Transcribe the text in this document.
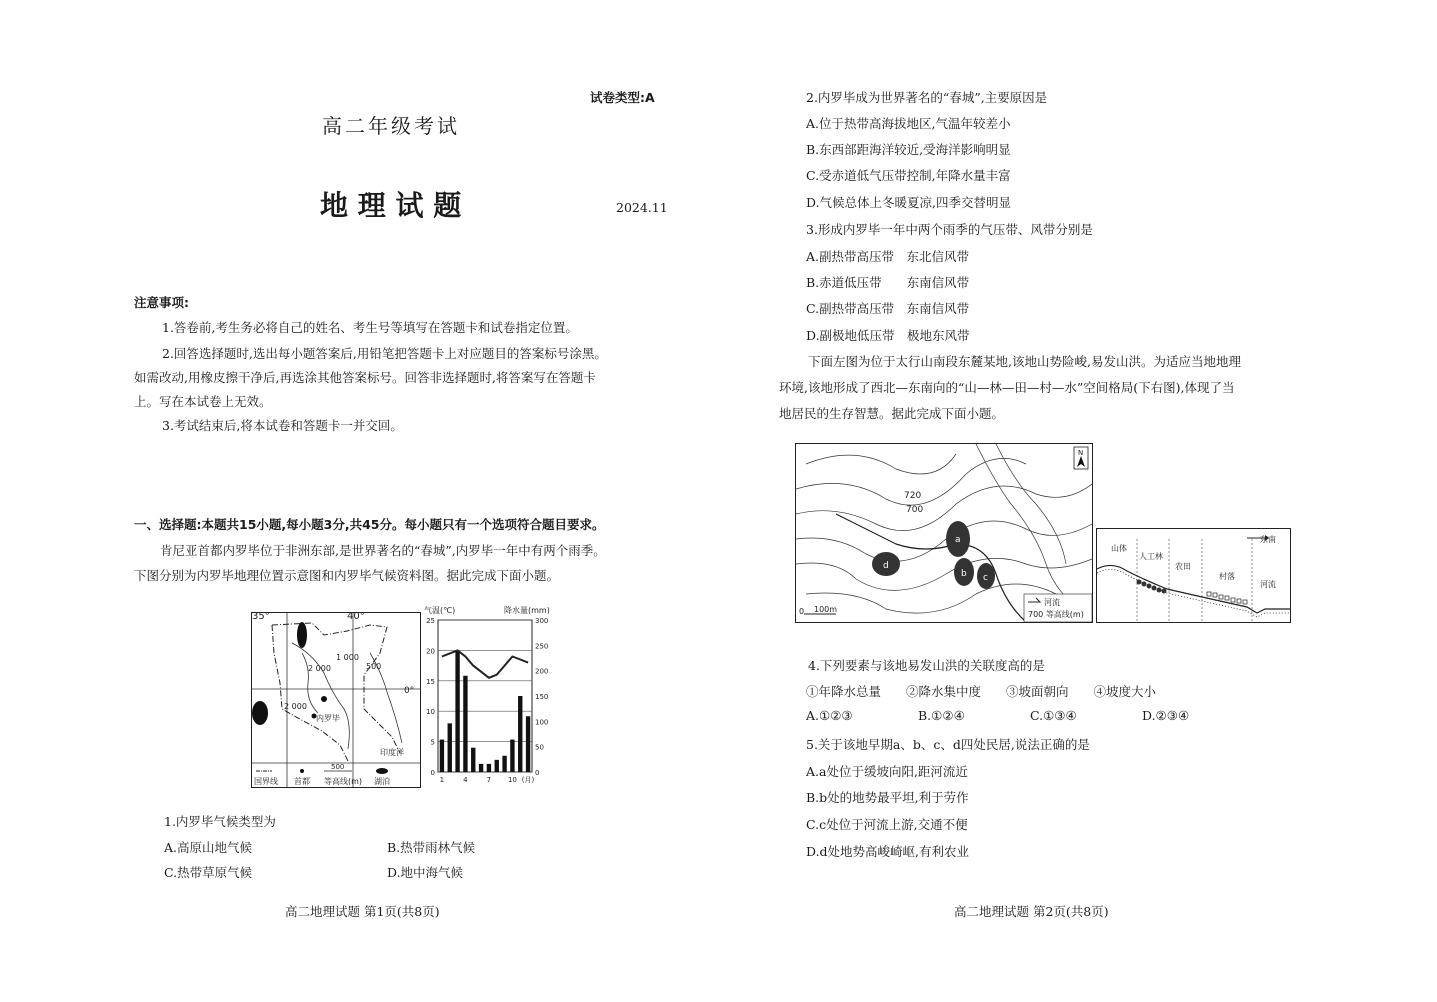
试卷类型:A
高二年级考试
地 理 试 题	2024.11
注意事项:
1.答卷前,考生务必将自己的姓名、考生号等填写在答题卡和试卷指定位置。
2.回答选择题时,选出每小题答案后,用铅笔把答题卡上对应题目的答案标号涂黑。
如需改动,用橡皮擦干净后,再选涂其他答案标号。回答非选择题时,将答案写在答题卡
上。写在本试卷上无效。
3.考试结束后,将本试卷和答题卡一并交回。
一、选择题:本题共15小题,每小题3分,共45分。每小题只有一个选项符合题目要求。
肯尼亚首都内罗毕位于非洲东部,是世界著名的“春城”,内罗毕一年中有两个雨季。
下图分别为内罗毕地理位置示意图和内罗毕气候资料图。据此完成下面小题。
35°	40°
0°
1 000
2 000	500
2 000
内罗毕
印度洋
500
国界线 首都 等高线(m) 湖泊
气温(℃)	降水量(mm)
0
5
10
15
20
25
0
50
100
150
200
250
300
1	4	7 10 (月)
1.内罗毕气候类型为
A.高原山地气候	B.热带雨林气候
C.热带草原气候	D.地中海气候
高二地理试题 第1页(共8页)
2.内罗毕成为世界著名的“春城”,主要原因是
A.位于热带高海拔地区,气温年较差小
B.东西部距海洋较近,受海洋影响明显
C.受赤道低气压带控制,年降水量丰富
D.气候总体上冬暖夏凉,四季交替明显
3.形成内罗毕一年中两个雨季的气压带、风带分别是
A.副热带高压带　东北信风带
B.赤道低压带　　东南信风带
C.副热带高压带　东南信风带
D.副极地低压带　极地东风带
下面左图为位于太行山南段东麓某地,该地山势险峻,易发山洪。为适应当地地理
环境,该地形成了西北—东南向的“山—林—田—村—水”空间格局(下右图),体现了当
地居民的生存智慧。据此完成下面小题。
720
700
a
b c
d
N
0 100m
河流
700 等高线(m)
东南
山体
人工林
农田
村落
河流
4.下列要素与该地易发山洪的关联度高的是
①年降水总量　　②降水集中度　　③坡面朝向　　④坡度大小
A.①②③	B.①②④	C.①③④	D.②③④
5.关于该地早期a、b、c、d四处民居,说法正确的是
A.a处位于缓坡向阳,距河流近
B.b处的地势最平坦,利于劳作
C.c处位于河流上游,交通不便
D.d处地势高峻崎岖,有利农业
高二地理试题 第2页(共8页)
